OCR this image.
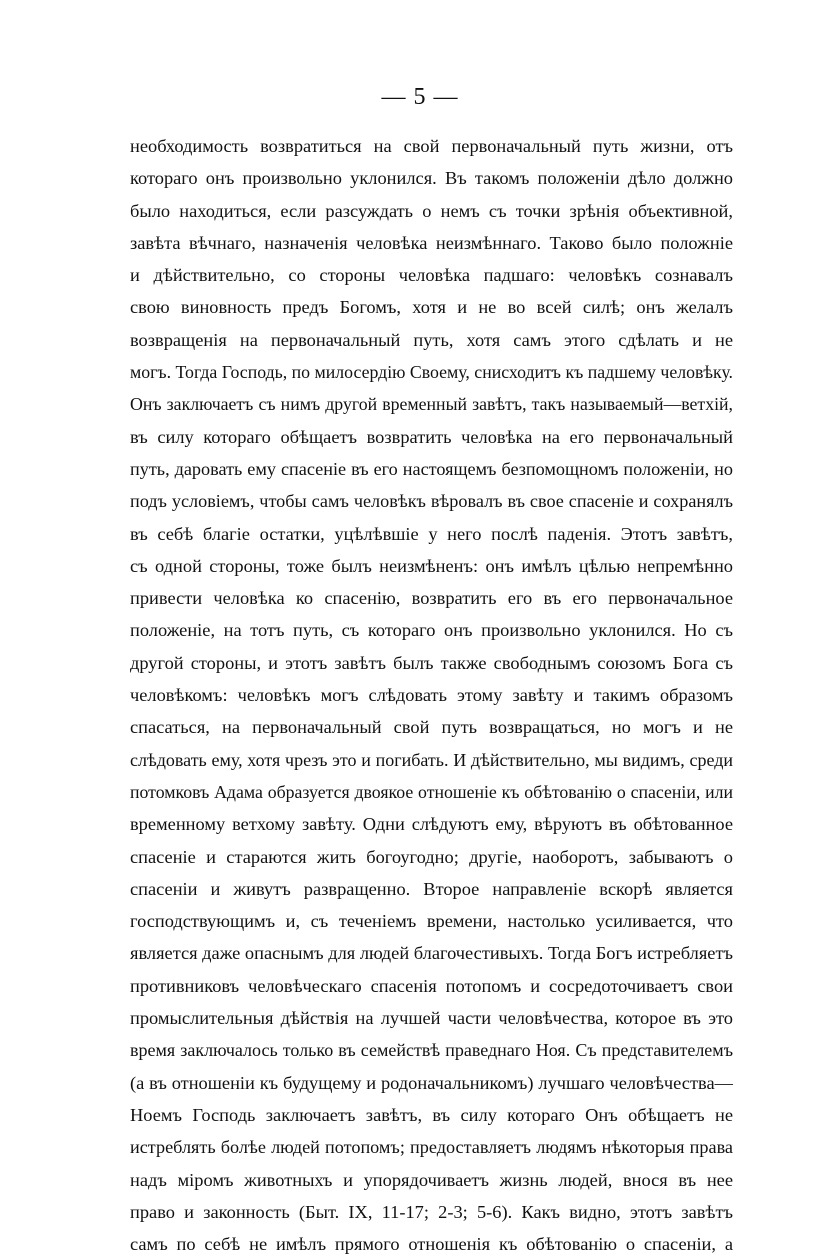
— 5 —
необходимость возвратиться на свой первоначальный путь жизни, отъ
котораго онъ произвольно уклонился. Въ такомъ положеніи дѣло должно
было находиться, если разсуждать о немъ съ точки зрѣнія объективной,
завѣта вѣчнаго, назначенія человѣка неизмѣннаго. Таково было положніе
и дѣйствительно, со стороны человѣка падшаго: человѣкъ сознавалъ
свою виновность предъ Богомъ, хотя и не во всей силѣ; онъ желалъ
возвращенія на первоначальный путь, хотя самъ этого сдѣлать и не
могъ. Тогда Господь, по милосердію Своему, снисходитъ къ падшему человѣку.
Онъ заключаетъ съ нимъ другой временный завѣтъ, такъ называемый—ветхій,
въ силу котораго обѣщаетъ возвратить человѣка на его первоначальный
путь, даровать ему спасеніе въ его настоящемъ безпомощномъ положеніи, но
подъ условіемъ, чтобы самъ человѣкъ вѣровалъ въ свое спасеніе и сохранялъ
въ себѣ благіе остатки, уцѣлѣвшіе у него послѣ паденія. Этотъ завѣтъ,
съ одной стороны, тоже былъ неизмѣненъ: онъ имѣлъ цѣлью непремѣнно
привести человѣка ко спасенію, возвратить его въ его первоначальное
положеніе, на тотъ путь, съ котораго онъ произвольно уклонился. Но съ
другой стороны, и этотъ завѣтъ былъ также свободнымъ союзомъ Бога съ
человѣкомъ: человѣкъ могъ слѣдовать этому завѣту и такимъ образомъ
спасаться, на первоначальный свой путь возвращаться, но могъ и не
слѣдовать ему, хотя чрезъ это и погибать. И дѣйствительно, мы видимъ, среди
потомковъ Адама образуется двоякое отношеніе къ обѣтованію о спасеніи, или
временному ветхому завѣту. Одни слѣдуютъ ему, вѣруютъ въ обѣтованное
спасеніе и стараются жить богоугодно; другіе, наоборотъ, забываютъ о
спасеніи и живутъ развращенно. Второе направленіе вскорѣ является
господствующимъ и, съ теченіемъ времени, настолько усиливается, что
является даже опаснымъ для людей благочестивыхъ. Тогда Богъ истребляетъ
противниковъ человѣческаго спасенія потопомъ и сосредоточиваетъ свои
промыслительныя дѣйствія на лучшей части человѣчества, которое въ это
время заключалось только въ семействѣ праведнаго Ноя. Съ представителемъ
(а въ отношеніи къ будущему и родоначальникомъ) лучшаго человѣчества—
Ноемъ Господь заключаетъ завѣтъ, въ силу котораго Онъ обѣщаетъ не
истреблять болѣе людей потопомъ; предоставляетъ людямъ нѣкоторыя права
надъ міромъ животныхъ и упорядочиваетъ жизнь людей, внося въ нее
право и законность (Быт. IX, 11-17; 2-3; 5-6). Какъ видно, этотъ завѣтъ
самъ по себѣ не имѣлъ прямого отношенія къ обѣтованію о спасеніи, а
